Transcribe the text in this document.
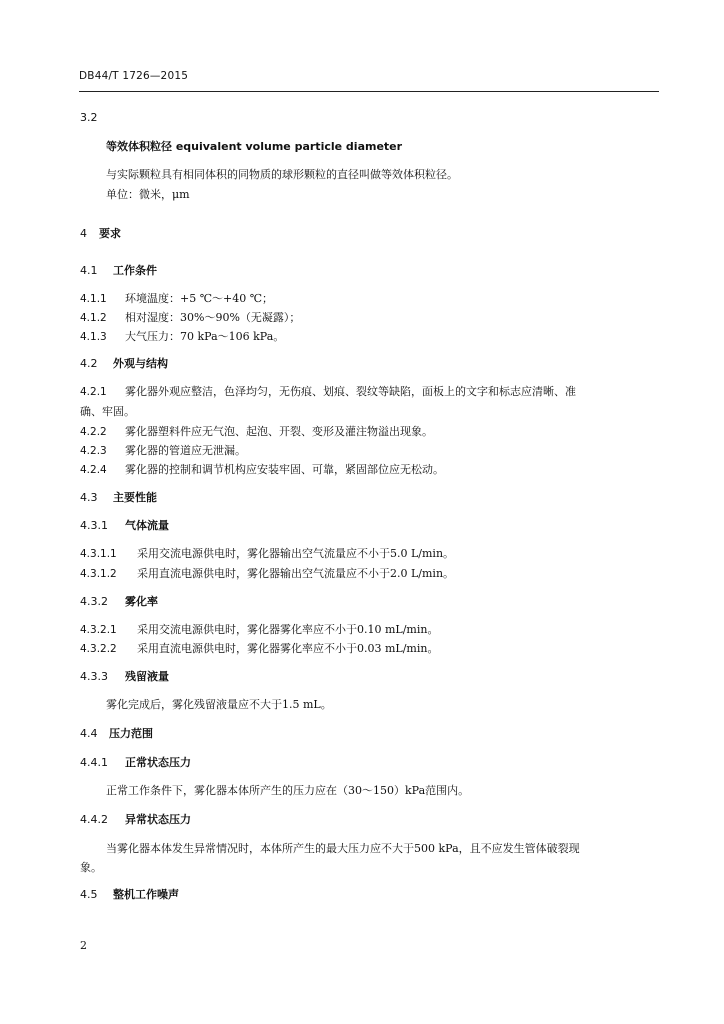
DB44/T 1726—2015
3.2
等效体积粒径 equivalent volume particle diameter
与实际颗粒具有相同体积的同物质的球形颗粒的直径叫做等效体积粒径。
单位：微米，μm
4 要求
4.1 工作条件
4.1.1 环境温度：+5 ℃～+40 ℃；
4.1.2 相对湿度：30%～90%（无凝露）；
4.1.3 大气压力：70 kPa～106 kPa。
4.2 外观与结构
4.2.1 雾化器外观应整洁，色泽均匀，无伤痕、划痕、裂纹等缺陷，面板上的文字和标志应清晰、准
确、牢固。
4.2.2 雾化器塑料件应无气泡、起泡、开裂、变形及灌注物溢出现象。
4.2.3 雾化器的管道应无泄漏。
4.2.4 雾化器的控制和调节机构应安装牢固、可靠，紧固部位应无松动。
4.3 主要性能
4.3.1 气体流量
4.3.1.1 采用交流电源供电时，雾化器输出空气流量应不小于5.0 L/min。
4.3.1.2 采用直流电源供电时，雾化器输出空气流量应不小于2.0 L/min。
4.3.2 雾化率
4.3.2.1 采用交流电源供电时，雾化器雾化率应不小于0.10 mL/min。
4.3.2.2 采用直流电源供电时，雾化器雾化率应不小于0.03 mL/min。
4.3.3 残留液量
雾化完成后，雾化残留液量应不大于1.5 mL。
4.4 压力范围
4.4.1 正常状态压力
正常工作条件下，雾化器本体所产生的压力应在（30～150）kPa范围内。
4.4.2 异常状态压力
当雾化器本体发生异常情况时，本体所产生的最大压力应不大于500 kPa，且不应发生管体破裂现
象。
4.5 整机工作噪声
2
